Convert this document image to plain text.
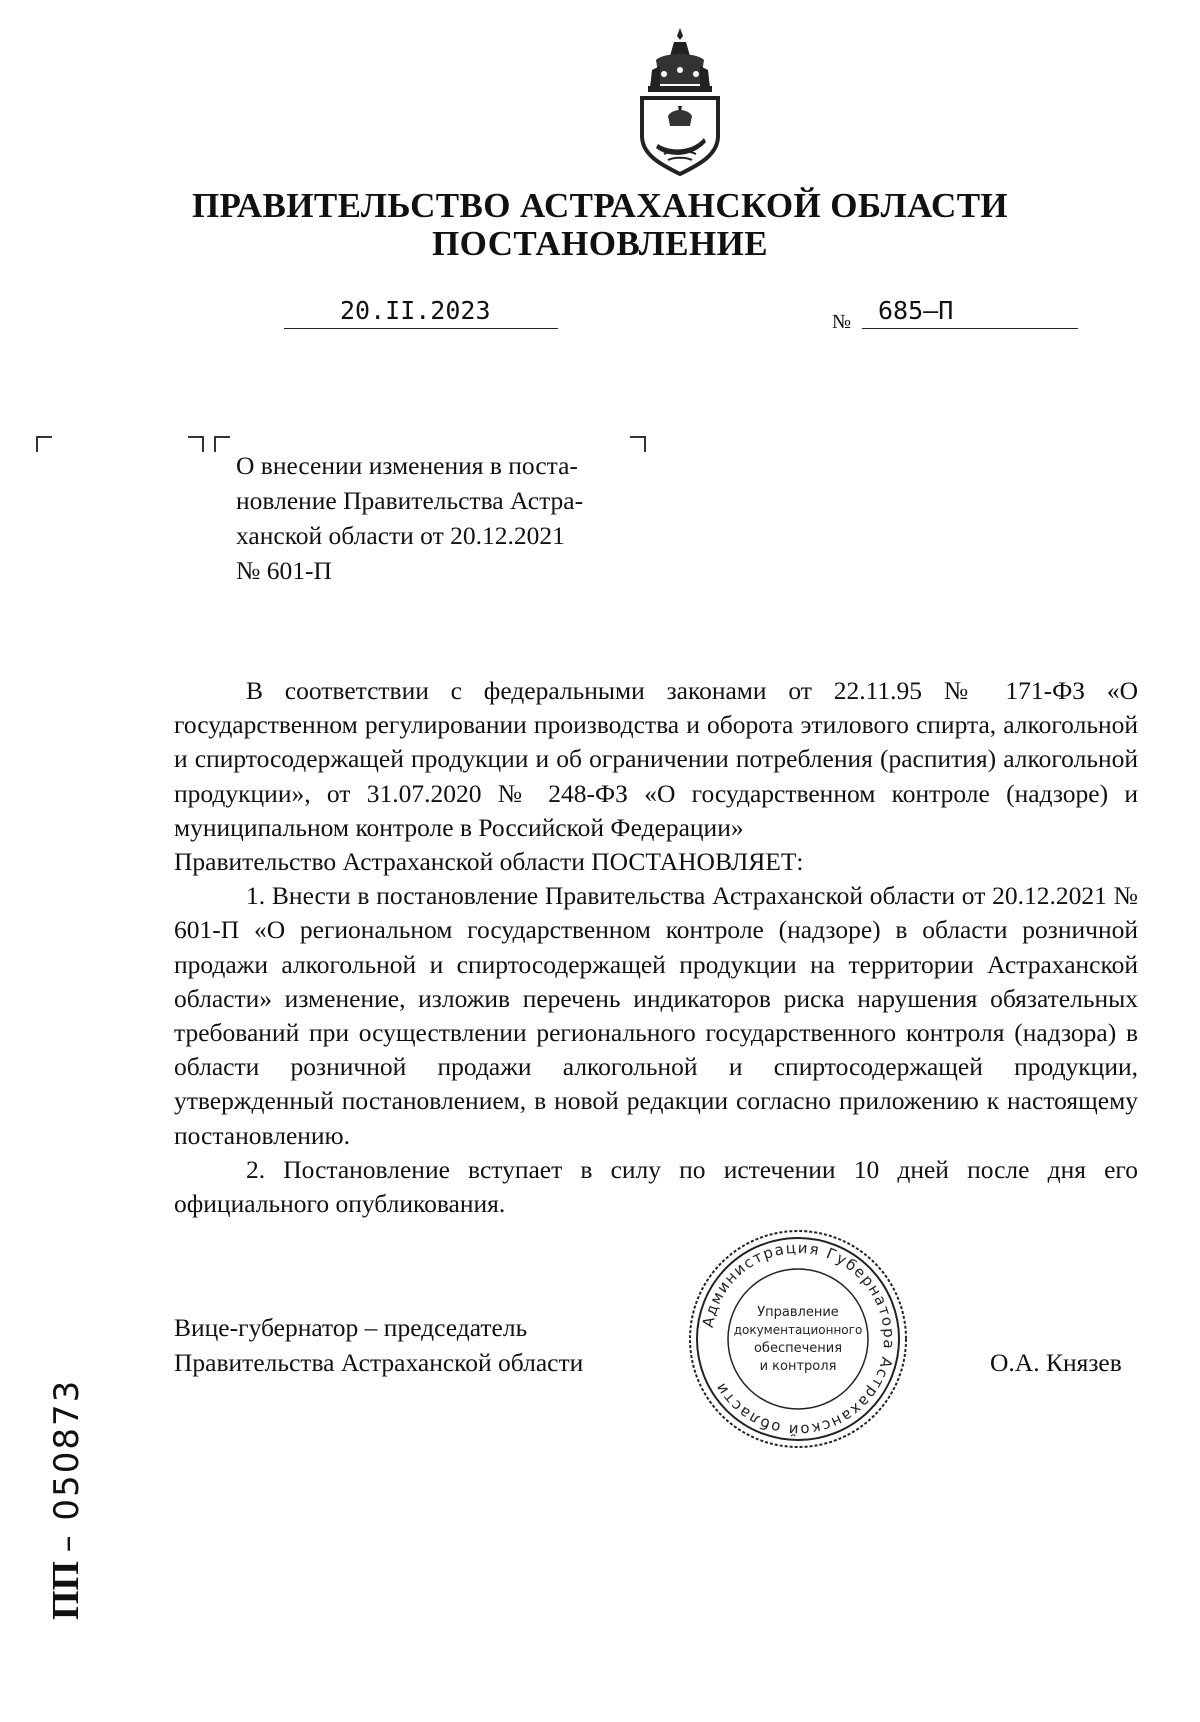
ПРАВИТЕЛЬСТВО АСТРАХАНСКОЙ ОБЛАСТИ
ПОСТАНОВЛЕНИЕ
20.II.2023	№ 685–П
О внесении изменения в поста-
новление Правительства Астра-
ханской области от 20.12.2021
№ 601-П

В соответствии с федеральными законами от 22.11.95 № 171-ФЗ «О государственном регулировании производства и оборота этилового спирта, алкогольной и спиртосодержащей продукции и об ограничении потребления (распития) алкогольной продукции», от 31.07.2020 № 248-ФЗ «О государственном контроле (надзоре) и муниципальном контроле в Российской Федерации»

Правительство Астраханской области ПОСТАНОВЛЯЕТ:

1. Внести в постановление Правительства Астраханской области от 20.12.2021 № 601-П «О региональном государственном контроле (надзоре) в области розничной продажи алкогольной и спиртосодержащей продукции на территории Астраханской области» изменение, изложив перечень индикаторов риска нарушения обязательных требований при осуществлении регионального государственного контроля (надзора) в области розничной продажи алкогольной и спиртосодержащей продукции, утвержденный постановлением, в новой редакции согласно приложению к настоящему постановлению.

2. Постановление вступает в силу по истечении 10 дней после дня его официального опубликования.

Вице-губернатор – председатель
Правительства Астраханской области	О.А. Князев
Администрация Губернатора Астраханской области
Управление
документационного
обеспечения
и контроля
ПП – 050873
